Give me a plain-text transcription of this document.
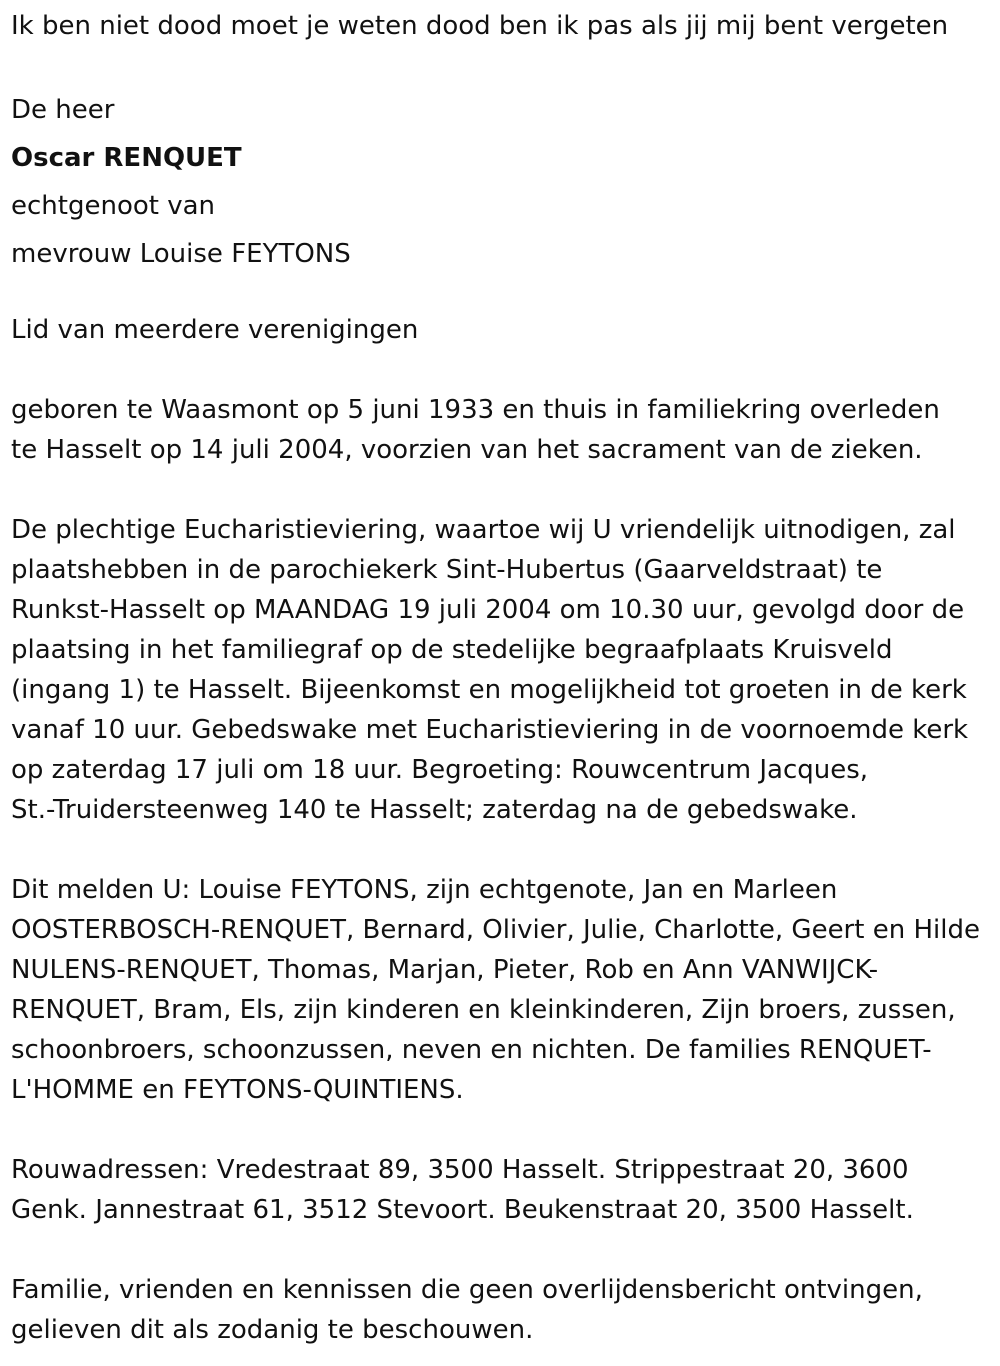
Ik ben niet dood moet je weten dood ben ik pas als jij mij bent vergeten

De heer

Oscar RENQUET

echtgenoot van

mevrouw Louise FEYTONS

Lid van meerdere verenigingen

geboren te Waasmont op 5 juni 1933 en thuis in familiekring overleden

te Hasselt op 14 juli 2004, voorzien van het sacrament van de zieken.

De plechtige Eucharistieviering, waartoe wij U vriendelijk uitnodigen, zal

plaatshebben in de parochiekerk Sint-Hubertus (Gaarveldstraat) te

Runkst-Hasselt op MAANDAG 19 juli 2004 om 10.30 uur, gevolgd door de

plaatsing in het familiegraf op de stedelijke begraafplaats Kruisveld

(ingang 1) te Hasselt. Bijeenkomst en mogelijkheid tot groeten in de kerk

vanaf 10 uur. Gebedswake met Eucharistieviering in de voornoemde kerk

op zaterdag 17 juli om 18 uur. Begroeting: Rouwcentrum Jacques,

St.-Truidersteenweg 140 te Hasselt; zaterdag na de gebedswake.

Dit melden U: Louise FEYTONS, zijn echtgenote, Jan en Marleen

OOSTERBOSCH-RENQUET, Bernard, Olivier, Julie, Charlotte, Geert en Hilde

NULENS-RENQUET, Thomas, Marjan, Pieter, Rob en Ann VANWIJCK-

RENQUET, Bram, Els, zijn kinderen en kleinkinderen, Zijn broers, zussen,

schoonbroers, schoonzussen, neven en nichten. De families RENQUET-

L'HOMME en FEYTONS-QUINTIENS.

Rouwadressen: Vredestraat 89, 3500 Hasselt. Strippestraat 20, 3600

Genk. Jannestraat 61, 3512 Stevoort. Beukenstraat 20, 3500 Hasselt.

Familie, vrienden en kennissen die geen overlijdensbericht ontvingen,

gelieven dit als zodanig te beschouwen.
